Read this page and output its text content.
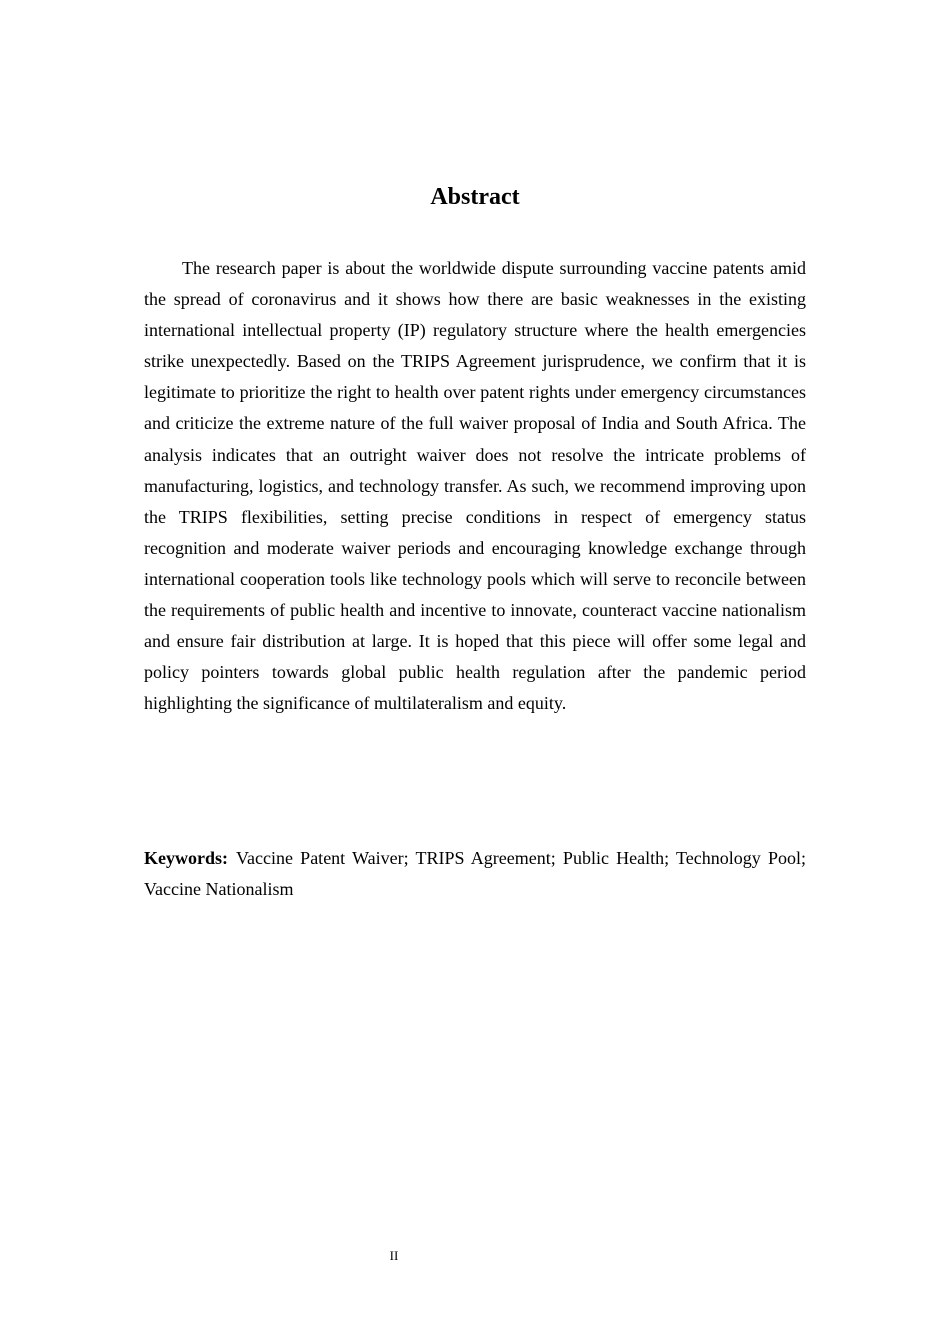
Abstract

The research paper is about the worldwide dispute surrounding vaccine patents amid the spread of coronavirus and it shows how there are basic weaknesses in the existing international intellectual property (IP) regulatory structure where the health emergencies strike unexpectedly. Based on the TRIPS Agreement jurisprudence, we confirm that it is legitimate to prioritize the right to health over patent rights under emergency circumstances and criticize the extreme nature of the full waiver proposal of India and South Africa. The analysis indicates that an outright waiver does not resolve the intricate problems of manufacturing, logistics, and technology transfer. As such, we recommend improving upon the TRIPS flexibilities, setting precise conditions in respect of emergency status recognition and moderate waiver periods and encouraging knowledge exchange through international cooperation tools like technology pools which will serve to reconcile between the requirements of public health and incentive to innovate, counteract vaccine nationalism and ensure fair distribution at large. It is hoped that this piece will offer some legal and policy pointers towards global public health regulation after the pandemic period highlighting the significance of multilateralism and equity.

Keywords: Vaccine Patent Waiver; TRIPS Agreement; Public Health; Technology Pool; Vaccine Nationalism

II
